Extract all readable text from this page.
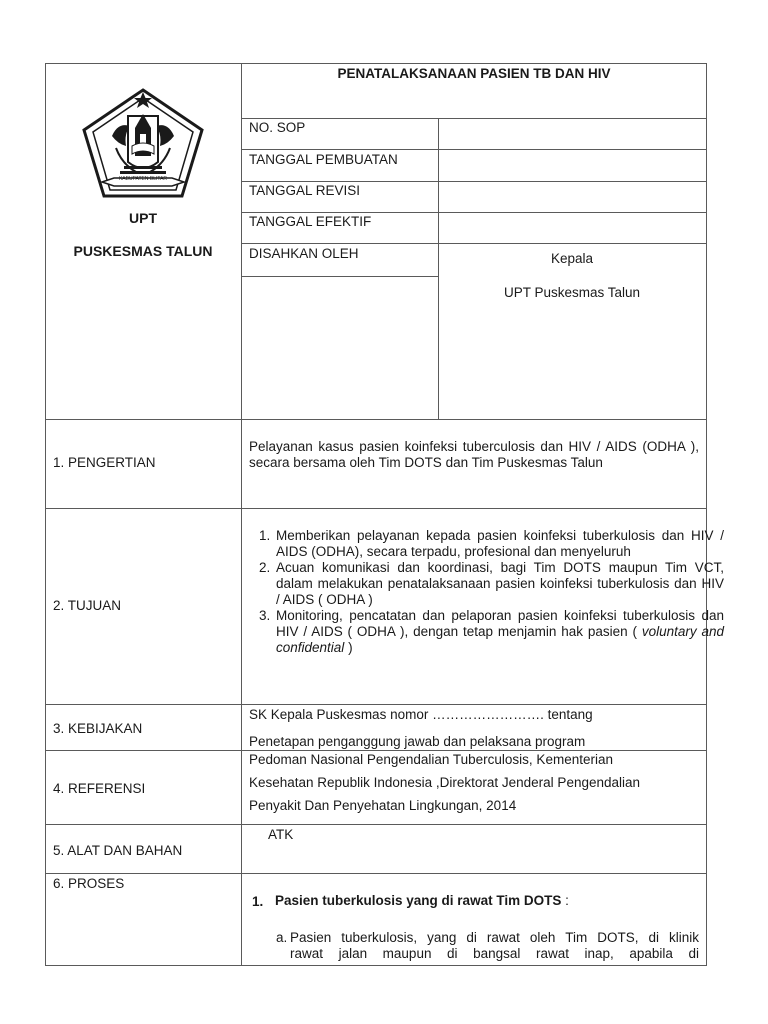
KABUPATEN BLITAR
UPT
PUSKESMAS TALUN
PENATALAKSANAAN PASIEN TB DAN HIV
NO. SOP
TANGGAL PEMBUATAN
TANGGAL REVISI
TANGGAL EFEKTIF
DISAHKAN OLEH	Kepala
UPT Puskesmas Talun
1. PENGERTIAN
Pelayanan kasus pasien koinfeksi tuberculosis dan HIV / AIDS (ODHA ), secara bersama oleh Tim DOTS dan Tim Puskesmas Talun
2. TUJUAN
1. Memberikan pelayanan kepada pasien koinfeksi tuberkulosis dan HIV / AIDS (ODHA), secara terpadu, profesional dan menyeluruh
2. Acuan komunikasi dan koordinasi, bagi Tim DOTS maupun Tim VCT, dalam melakukan penatalaksanaan pasien koinfeksi tuberkulosis dan HIV / AIDS ( ODHA )
3. Monitoring, pencatatan dan pelaporan pasien koinfeksi tuberkulosis dan HIV / AIDS ( ODHA ), dengan tetap menjamin hak pasien ( voluntary and confidential )
3. KEBIJAKAN
SK Kepala Puskesmas nomor ……………………. tentang
Penetapan penganggung jawab dan pelaksana program
4. REFERENSI
Pedoman Nasional Pengendalian Tuberculosis, Kementerian
Kesehatan Republik Indonesia ,Direktorat Jenderal Pengendalian
Penyakit Dan Penyehatan Lingkungan, 2014
5. ALAT DAN BAHAN
ATK
6. PROSES
1. Pasien tuberkulosis yang di rawat Tim DOTS :
a. Pasien tuberkulosis, yang di rawat oleh Tim DOTS, di klinik
rawat jalan maupun di bangsal rawat inap, apabila di
